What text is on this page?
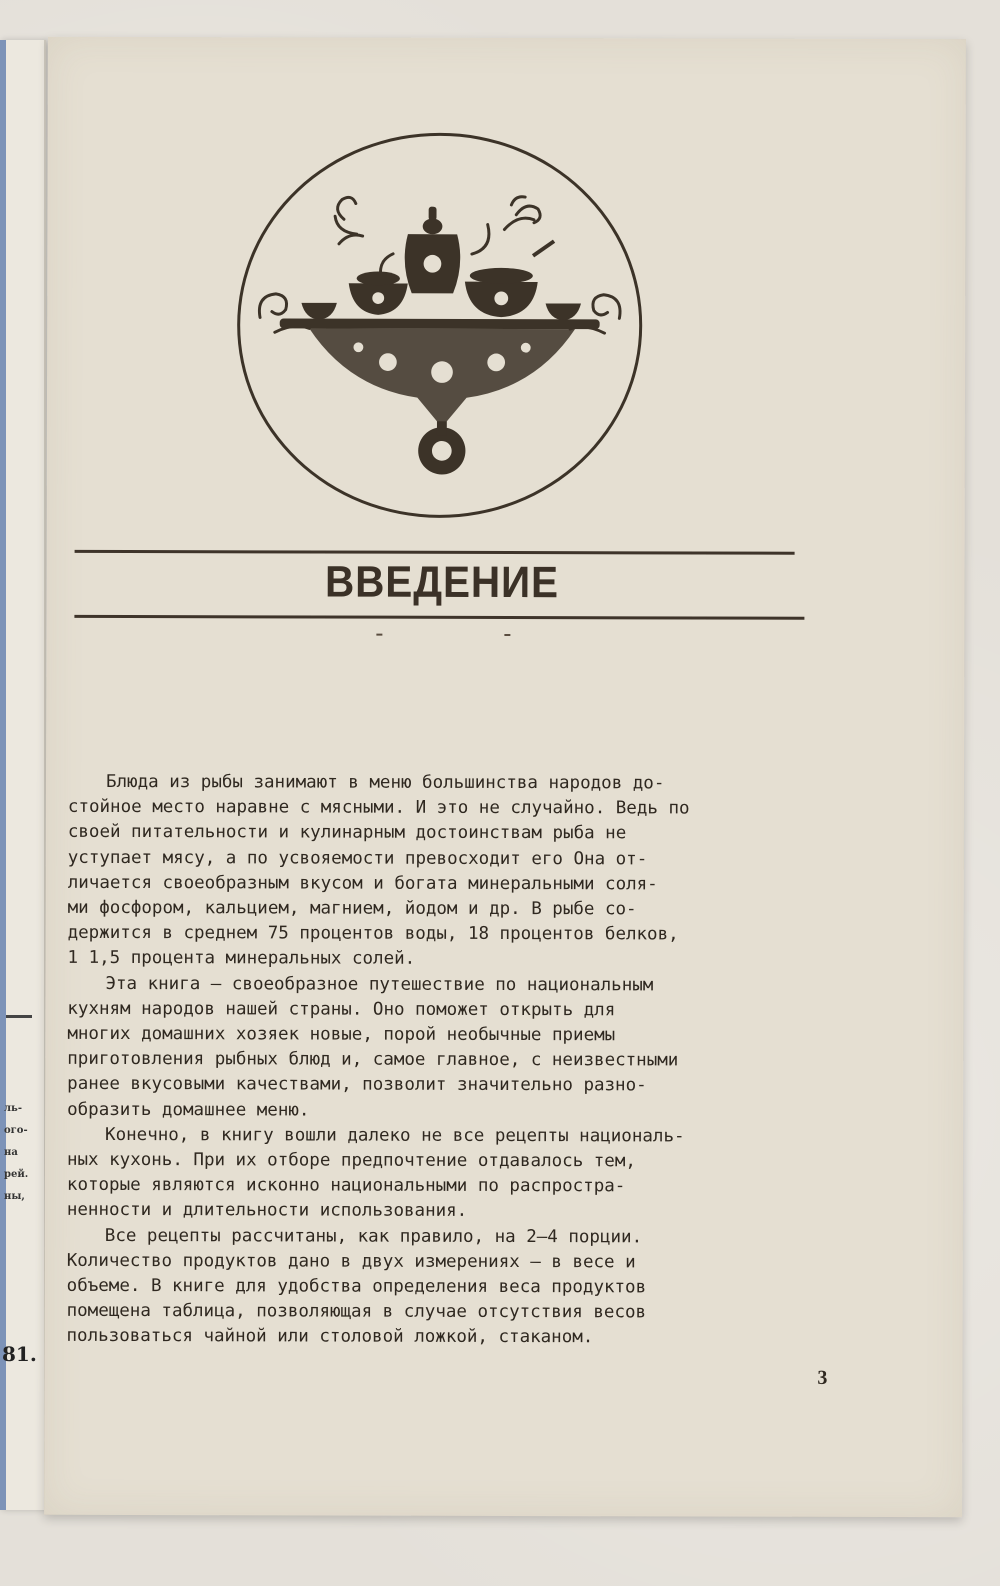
ль-
ого-
на
рей.
ны,
81.
ВВЕДЕНИЕ

Блюда из рыбы занимают в меню большинства народов до-
стойное место наравне с мясными. И это не случайно. Ведь по
своей питательности и кулинарным достоинствам рыба не
уступает мясу, а по усвояемости превосходит его Она от-
личается своеобразным вкусом и богата минеральными соля-
ми фосфором, кальцием, магнием, йодом и др. В рыбе со-
держится в среднем 75 процентов воды, 18 процентов белков,
1 1,5 процента минеральных солей.

Эта книга — своеобразное путешествие по национальным
кухням народов нашей страны. Оно поможет открыть для
многих домашних хозяек новые, порой необычные приемы
приготовления рыбных блюд и, самое главное, с неизвестными
ранее вкусовыми качествами, позволит значительно разно-
образить домашнее меню.

Конечно, в книгу вошли далеко не все рецепты националь-
ных кухонь. При их отборе предпочтение отдавалось тем,
которые являются исконно национальными по распростра-
ненности и длительности использования.

Все рецепты рассчитаны, как правило, на 2—4 порции.
Количество продуктов дано в двух измерениях — в весе и
объеме. В книге для удобства определения веса продуктов
помещена таблица, позволяющая в случае отсутствия весов
пользоваться чайной или столовой ложкой, стаканом.

3
